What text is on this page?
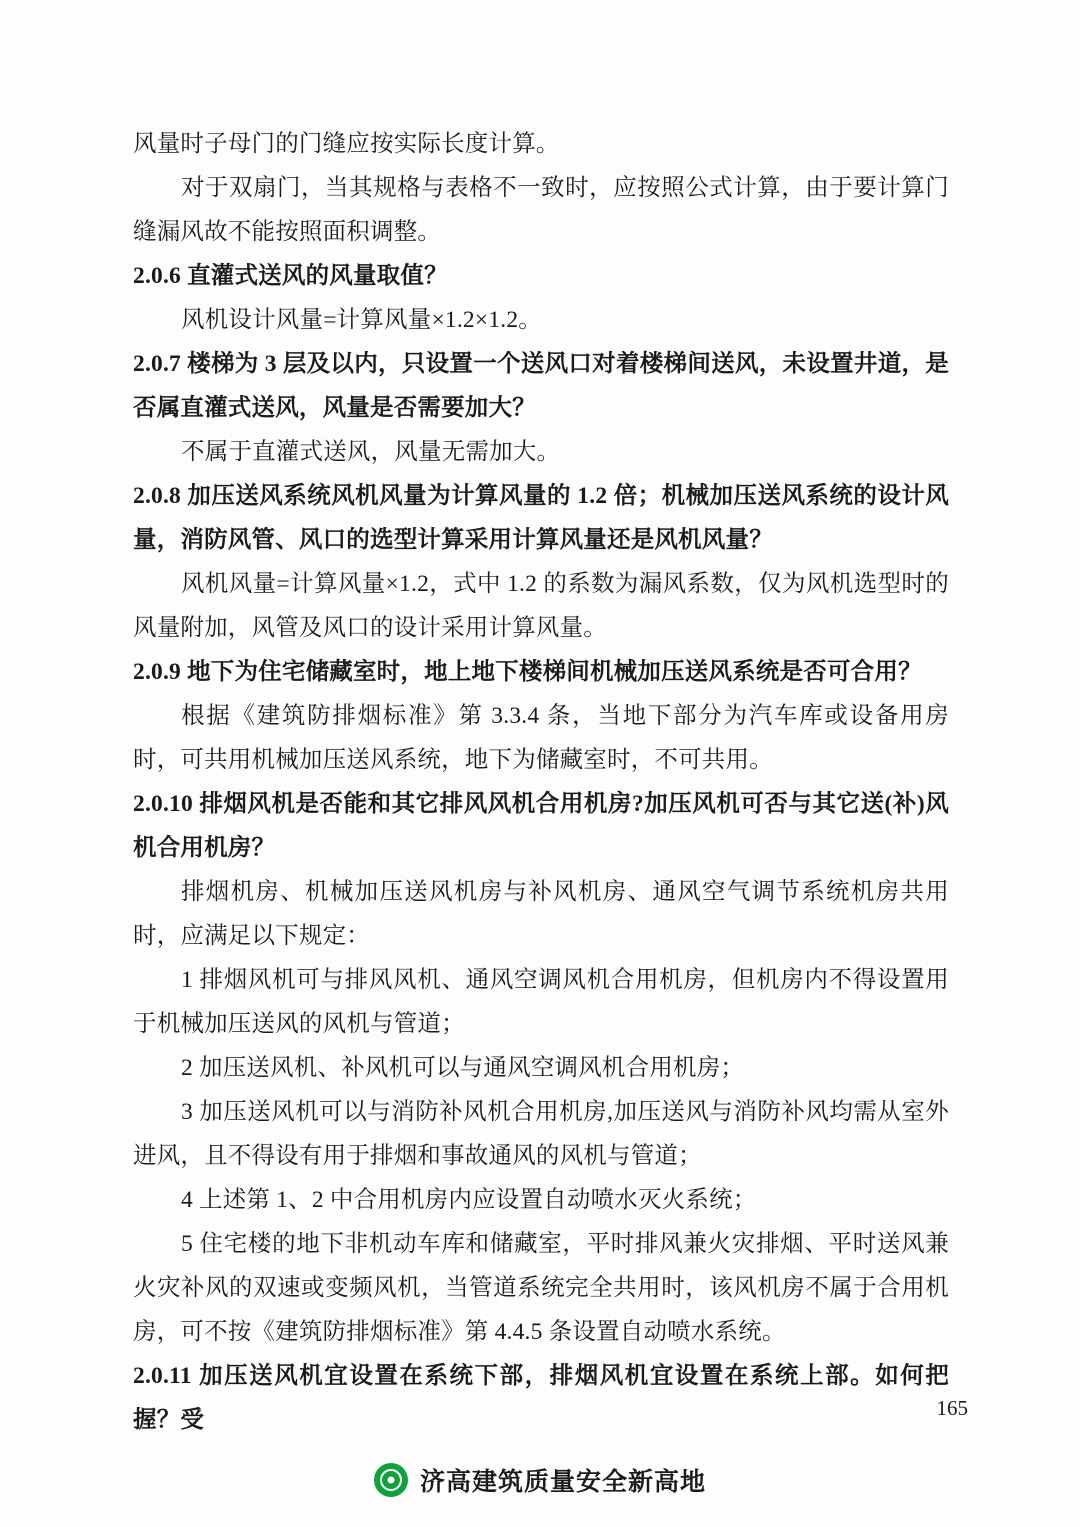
风量时子母门的门缝应按实际长度计算。

对于双扇门，当其规格与表格不一致时，应按照公式计算，由于要计算门缝漏风故不能按照面积调整。

2.0.6 直灌式送风的风量取值？

风机设计风量=计算风量×1.2×1.2。

2.0.7 楼梯为 3 层及以内，只设置一个送风口对着楼梯间送风，未设置井道，是否属直灌式送风，风量是否需要加大？

不属于直灌式送风，风量无需加大。

2.0.8 加压送风系统风机风量为计算风量的 1.2 倍；机械加压送风系统的设计风量，消防风管、风口的选型计算采用计算风量还是风机风量？

风机风量=计算风量×1.2，式中 1.2 的系数为漏风系数，仅为风机选型时的风量附加，风管及风口的设计采用计算风量。

2.0.9 地下为住宅储藏室时，地上地下楼梯间机械加压送风系统是否可合用？

根据《建筑防排烟标准》第 3.3.4 条，当地下部分为汽车库或设备用房时，可共用机械加压送风系统，地下为储藏室时，不可共用。

2.0.10 排烟风机是否能和其它排风风机合用机房?加压风机可否与其它送(补)风机合用机房？

排烟机房、机械加压送风机房与补风机房、通风空气调节系统机房共用时，应满足以下规定：

1 排烟风机可与排风风机、通风空调风机合用机房，但机房内不得设置用于机械加压送风的风机与管道；

2 加压送风机、补风机可以与通风空调风机合用机房；

3 加压送风机可以与消防补风机合用机房,加压送风与消防补风均需从室外进风，且不得设有用于排烟和事故通风的风机与管道；

4 上述第 1、2 中合用机房内应设置自动喷水灭火系统；

5 住宅楼的地下非机动车库和储藏室，平时排风兼火灾排烟、平时送风兼火灾补风的双速或变频风机，当管道系统完全共用时，该风机房不属于合用机房，可不按《建筑防排烟标准》第 4.4.5 条设置自动喷水系统。

2.0.11 加压送风机宜设置在系统下部，排烟风机宜设置在系统上部。如何把握？受	165
济高建筑质量安全新高地
